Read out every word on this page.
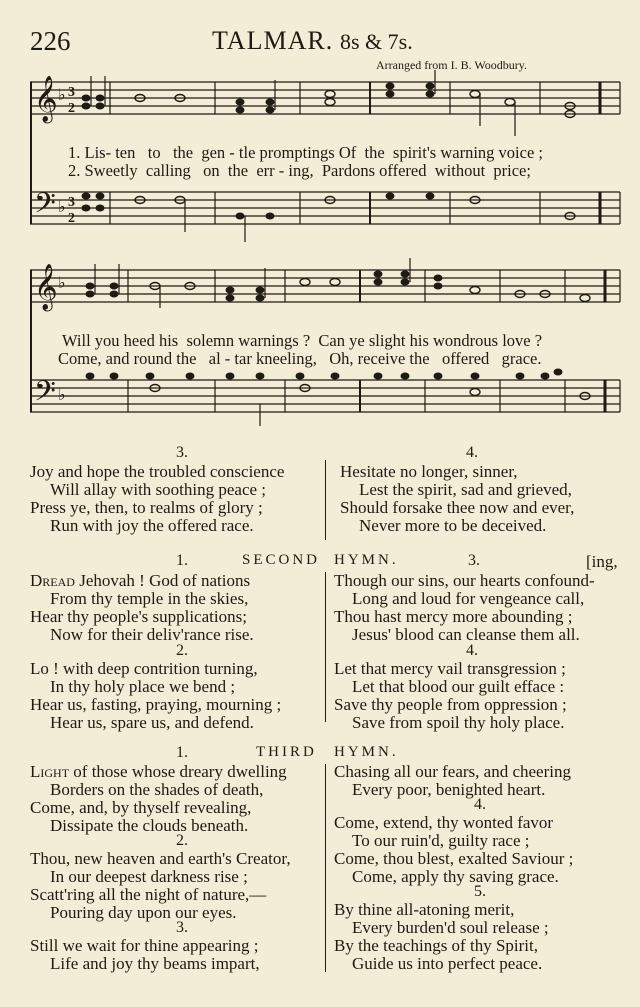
226	TALMAR. 8s & 7s.
Arranged from I. B. Woodbury.
𝄞
𝄢
♭
♭
3
2
3
2
1. Lis- ten   to   the  gen - tle promptings Of  the  spirit's warning voice ;
2. Sweetly  calling   on  the  err - ing,  Pardons offered  without  price;
𝄞
𝄢
♭
♭
Will you heed his  solemn warnings ?  Can ye slight his wondrous love ?
Come, and round the   al - tar kneeling,   Oh, receive the   offered   grace.
3.	4.
Joy and hope the troubled conscience
Will allay with soothing peace ;
Press ye, then, to realms of glory ;
Run with joy the offered race.
Hesitate no longer, sinner,
Lest the spirit, sad and grieved,
Should forsake thee now and ever,
Never more to be deceived.
1.	SECOND HYMN.	3.	[ing,
Dread Jehovah ! God of nations
From thy temple in the skies,
Hear thy people's supplications;
Now for their deliv'rance rise.
2.
Lo ! with deep contrition turning,
In thy holy place we bend ;
Hear us, fasting, praying, mourning ;
Hear us, spare us, and defend.
Though our sins, our hearts confound-
Long and loud for vengeance call,
Thou hast mercy more abounding ;
Jesus' blood can cleanse them all.
4.
Let that mercy vail transgression ;
Let that blood our guilt efface :
Save thy people from oppression ;
Save from spoil thy holy place.
1.	THIRD HYMN.
Light of those whose dreary dwelling
Borders on the shades of death,
Come, and, by thyself revealing,
Dissipate the clouds beneath.
2.
Thou, new heaven and earth's Creator,
In our deepest darkness rise ;
Scatt'ring all the night of nature,—
Pouring day upon our eyes.
3.
Still we wait for thine appearing ;
Life and joy thy beams impart,
Chasing all our fears, and cheering
Every poor, benighted heart.
4.
Come, extend, thy wonted favor
To our ruin'd, guilty race ;
Come, thou blest, exalted Saviour ;
Come, apply thy saving grace.
5.
By thine all-atoning merit,
Every burden'd soul release ;
By the teachings of thy Spirit,
Guide us into perfect peace.
